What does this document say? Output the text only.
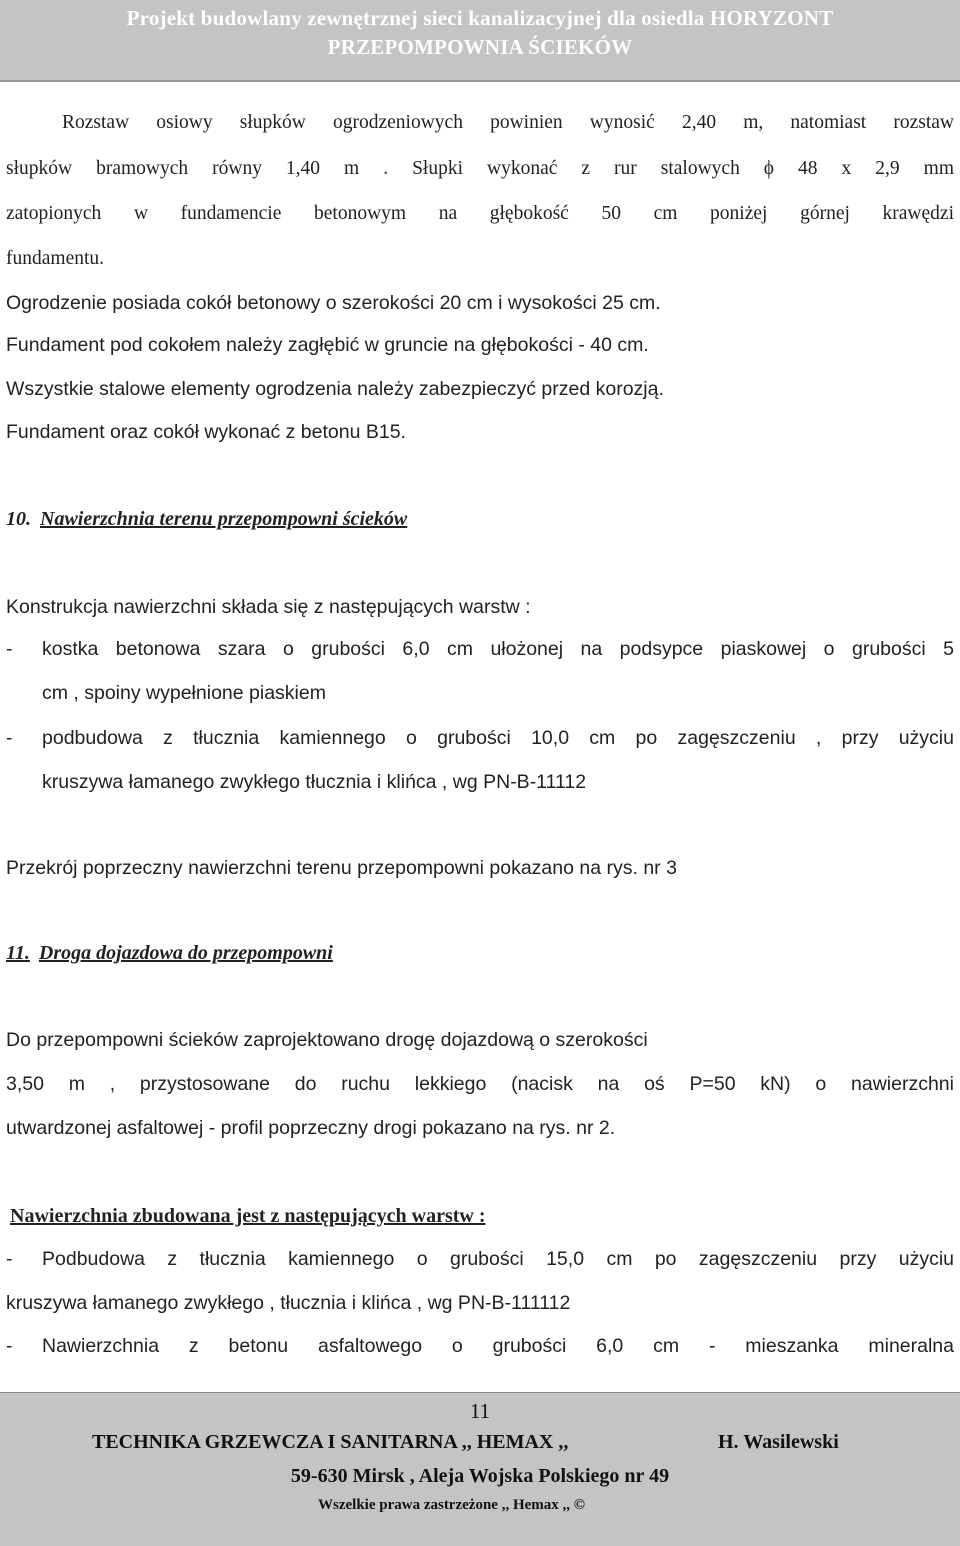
Projekt budowlany zewnętrznej sieci kanalizacyjnej dla osiedla HORYZONT
PRZEPOMPOWNIA ŚCIEKÓW
Rozstaw osiowy słupków ogrodzeniowych powinien wynosić 2,40 m, natomiast rozstaw
słupków bramowych równy 1,40 m . Słupki wykonać z rur stalowych ϕ 48 x 2,9 mm
zatopionych w fundamencie betonowym na głębokość 50 cm poniżej górnej krawędzi
fundamentu.
Ogrodzenie posiada cokół betonowy o szerokości 20 cm i wysokości 25 cm.
Fundament pod cokołem należy zagłębić w gruncie na głębokości - 40 cm.
Wszystkie stalowe elementy ogrodzenia należy zabezpieczyć przed korozją.
Fundament oraz cokół wykonać z betonu B15.
10. Nawierzchnia terenu przepompowni ścieków
Konstrukcja nawierzchni składa się z następujących warstw :
- kostka betonowa szara o grubości 6,0 cm ułożonej na podsypce piaskowej o grubości 5
cm , spoiny wypełnione piaskiem
- podbudowa z tłucznia kamiennego o grubości 10,0 cm po zagęszczeniu , przy użyciu
kruszywa łamanego zwykłego tłucznia i klińca , wg PN-B-11112
Przekrój poprzeczny nawierzchni terenu przepompowni pokazano na rys. nr 3
11. Droga dojazdowa do przepompowni
Do przepompowni ścieków zaprojektowano drogę dojazdową o szerokości
3,50 m , przystosowane do ruchu lekkiego (nacisk na oś P=50 kN) o nawierzchni
utwardzonej asfaltowej - profil poprzeczny drogi pokazano na rys. nr 2.
Nawierzchnia zbudowana jest z następujących warstw :
- Podbudowa z tłucznia kamiennego o grubości 15,0 cm po zagęszczeniu przy użyciu
kruszywa łamanego zwykłego , tłucznia i klińca , wg PN-B-111112
- Nawierzchnia z betonu asfaltowego o grubości 6,0 cm - mieszanka mineralna
11
TECHNIKA GRZEWCZA I SANITARNA ,, HEMAX ,,	H. Wasilewski
59-630 Mirsk , Aleja Wojska Polskiego nr 49
Wszelkie prawa zastrzeżone ,, Hemax ,, ©
